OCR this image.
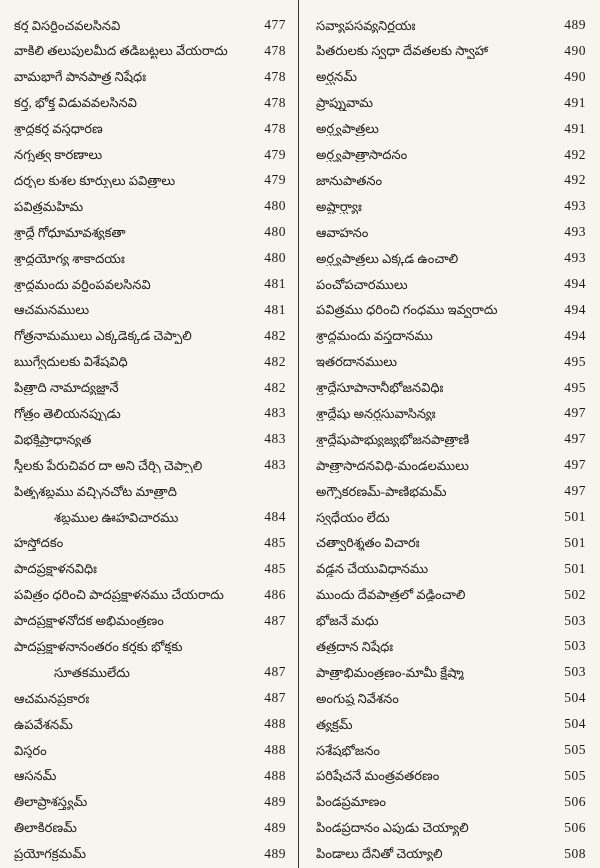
కర్త విసర్జించవలసినవి	477
వాకిలి తలుపులమీద తడిబట్టలు వేయరాదు	478
వామభాగే పానపాత్ర నిషేధః	478
కర్త, భోక్త విడువవలసినవి	478
శ్రాద్ధకర్త వస్త్రధారణ	478
నగ్నత్వ కారణాలు	479
దర్భల కుశల కూర్పులు పవిత్రాలు	479
పవిత్రమహిమ	480
శ్రాద్ధే గోధూమావశ్యకతా	480
శ్రాద్ధయోగ్య శాకాదయః	480
శ్రాద్ధమందు వర్జింపవలసినవి	481
ఆచమనములు	481
గోత్రనామములు ఎక్కడెక్కడ చెప్పాలి	482
ఋగ్వేదులకు విశేషవిధి	482
పిత్రాది నామాద్యజ్ఞానే	482
గోత్రం తెలియనప్పుడు	483
విభక్తిప్రాధాన్యత	483
స్త్రీలకు పేరుచివర దా అని చేర్చి చెప్పాలి	483
పితృశబ్దము వచ్చినచోట మాత్రాది
శబ్దముల ఊహవిచారము	484
హస్తోదకం	485
పాదప్రక్షాళనవిధిః	485
పవిత్రం ధరించి పాదప్రక్షాళనము చేయరాదు	486
పాదప్రక్షాళనోదక అభిమంత్రణం	487
పాదప్రక్షాళనానంతరం కర్తకు భోక్తకు
సూతకములేదు	487
ఆచమనప్రకారః	487
ఉపవేశనమ్	488
విస్తరం	488
ఆసనమ్	488
తిలాప్రాశస్త్యమ్	489
తిలాకిరణమ్	489
ప్రయోగక్రమమ్	489
సవ్యాపసవ్యనిర్ణయః	489
పితరులకు స్వధా దేవతలకు స్వాహా	490
అర్ఘనమ్	490
ప్రాప్నువామ	491
అర్ఘ్యపాత్రలు	491
అర్ఘ్యపాత్రాసాదనం	492
జానుపాతనం	492
అష్టార్ఘ్యాః	493
ఆవాహనం	493
అర్ఘ్యపాత్రలు ఎక్కడ ఉంచాలి	493
పంచోపచారములు	494
పవిత్రము ధరించి గంధము ఇవ్వరాదు	494
శ్రాద్ధమందు వస్త్రదానము	494
ఇతరదానములు	495
శ్రాద్ధేసూపానానీభోజనవిధిః	495
శ్రాద్ధేషు అనర్ఘసువాసిన్యః	497
శ్రాద్ధేషుపాభ్యుజ్యభోజనపాత్రాణి	497
పాత్రాసాదనవిధి-మండలములు	497
అగ్నౌకరణమ్-పాణిభమమ్	497
స్వధేయం లేదు	501
చత్వారిశ్శతం విచారః	501
వడ్డన చేయువిధానము	501
ముందు దేవపాత్రలో వడ్డించాలి	502
భోజనే మధు	503
తత్రదాన నిషేధః	503
పాత్రాభిమంత్రణం-మామీ క్షేష్మా	503
అంగుష్ఠ నివేశనం	504
త్యక్రమ్	504
సశేషభోజనం	505
పరిషేచనే మంత్రవతరణం	505
పిండప్రమాణం	506
పిండప్రదానం ఎపుడు చెయ్యాలి	506
పిండాలు దేనితో చెయ్యాలి	508
